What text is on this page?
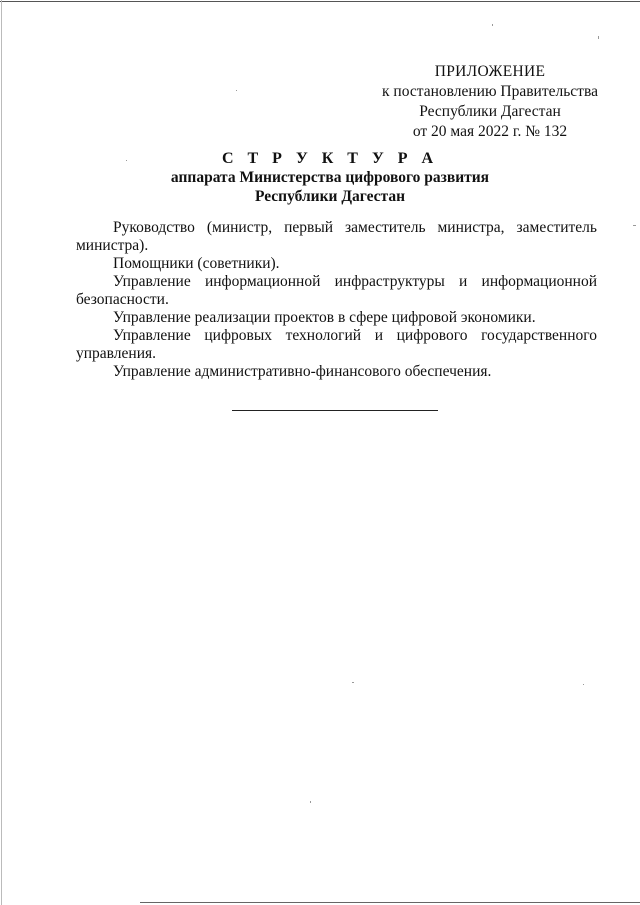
ПРИЛОЖЕНИЕ
к постановлению Правительства
Республики Дагестан
от 20 мая 2022 г. № 132
С Т Р У К Т У Р А
аппарата Министерства цифрового развития
Республики Дагестан

Руководство (министр, первый заместитель министра, заместитель министра).

Помощники (советники).

Управление информационной инфраструктуры и информационной безопасности.

Управление реализации проектов в сфере цифровой экономики.

Управление цифровых технологий и цифрового государственного управления.

Управление административно-финансового обеспечения.
